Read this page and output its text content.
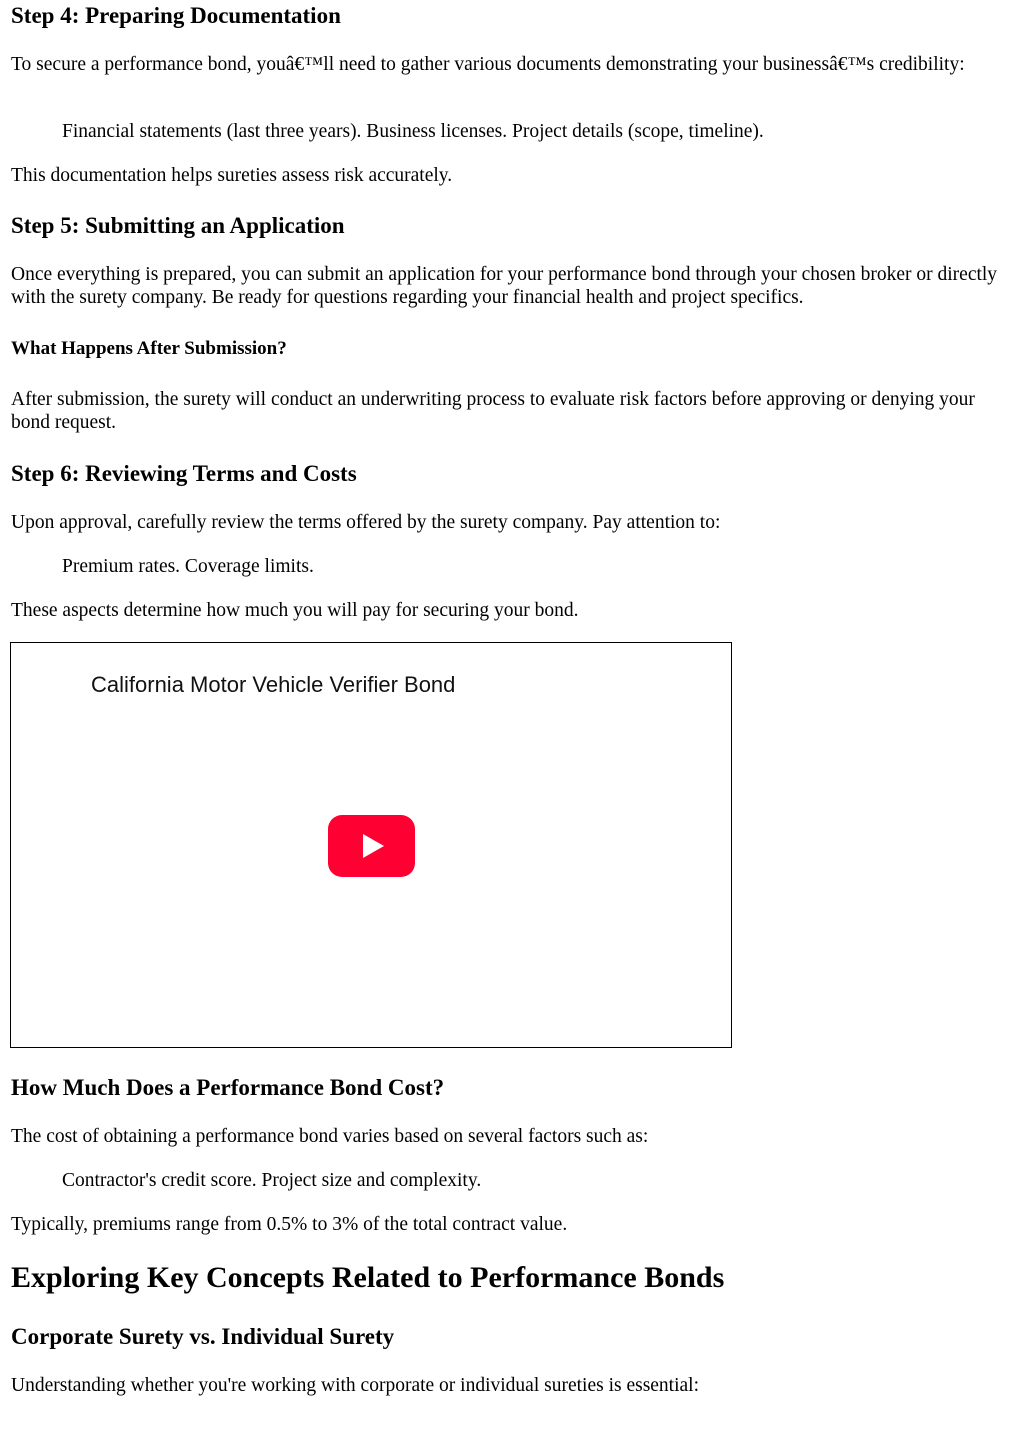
Step 4: Preparing Documentation

To secure a performance bond, youâ€™ll need to gather various documents demonstrating your businessâ€™s credibility:

Financial statements (last three years). Business licenses. Project details (scope, timeline).

This documentation helps sureties assess risk accurately.

Step 5: Submitting an Application

Once everything is prepared, you can submit an application for your performance bond through your chosen broker or directly with the surety company. Be ready for questions regarding your financial health and project specifics.

What Happens After Submission?

After submission, the surety will conduct an underwriting process to evaluate risk factors before approving or denying your bond request.

Step 6: Reviewing Terms and Costs

Upon approval, carefully review the terms offered by the surety company. Pay attention to:

Premium rates. Coverage limits.

These aspects determine how much you will pay for securing your bond.

California Motor Vehicle Verifier Bond
How Much Does a Performance Bond Cost?

The cost of obtaining a performance bond varies based on several factors such as:

Contractor's credit score. Project size and complexity.

Typically, premiums range from 0.5% to 3% of the total contract value.

Exploring Key Concepts Related to Performance Bonds
Corporate Surety vs. Individual Surety

Understanding whether you're working with corporate or individual sureties is essential:
